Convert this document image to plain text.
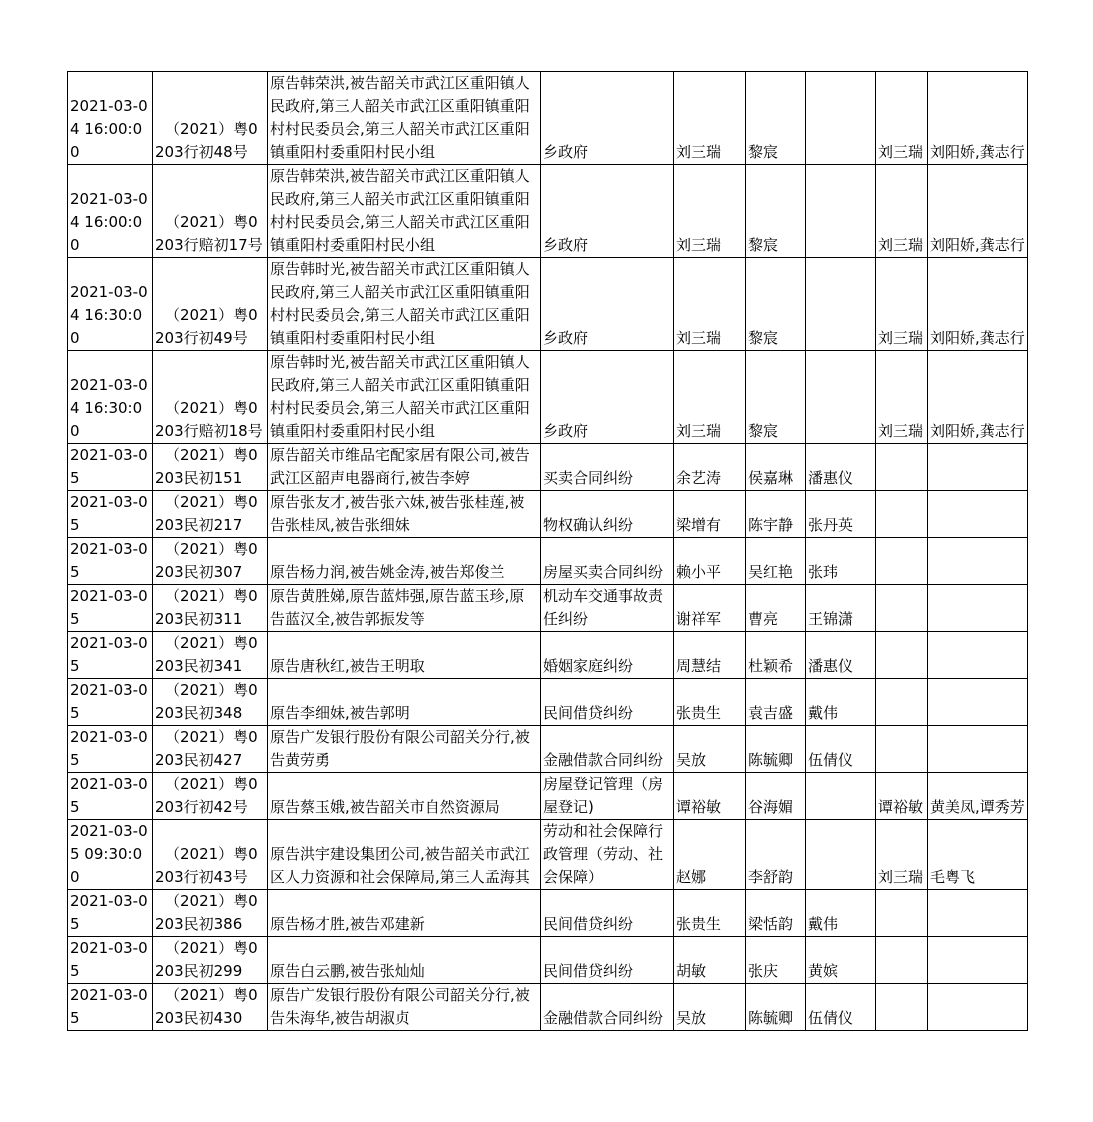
2021-03-04 16:00:00	（2021）粤0203行初48号	原告韩荣洪,被告韶关市武江区重阳镇人民政府,第三人韶关市武江区重阳镇重阳村村民委员会,第三人韶关市武江区重阳镇重阳村委重阳村民小组	乡政府	刘三瑞	黎宸		刘三瑞	刘阳娇,龚志行
2021-03-04 16:00:00	（2021）粤0203行赔初17号	原告韩荣洪,被告韶关市武江区重阳镇人民政府,第三人韶关市武江区重阳镇重阳村村民委员会,第三人韶关市武江区重阳镇重阳村委重阳村民小组	乡政府	刘三瑞	黎宸		刘三瑞	刘阳娇,龚志行
2021-03-04 16:30:00	（2021）粤0203行初49号	原告韩时光,被告韶关市武江区重阳镇人民政府,第三人韶关市武江区重阳镇重阳村村民委员会,第三人韶关市武江区重阳镇重阳村委重阳村民小组	乡政府	刘三瑞	黎宸		刘三瑞	刘阳娇,龚志行
2021-03-04 16:30:00	（2021）粤0203行赔初18号	原告韩时光,被告韶关市武江区重阳镇人民政府,第三人韶关市武江区重阳镇重阳村村民委员会,第三人韶关市武江区重阳镇重阳村委重阳村民小组	乡政府	刘三瑞	黎宸		刘三瑞	刘阳娇,龚志行
2021-03-05	（2021）粤0203民初151	原告韶关市维品宅配家居有限公司,被告武江区韶声电器商行,被告李婷	买卖合同纠纷	余艺涛	侯嘉琳	潘惠仪		
2021-03-05	（2021）粤0203民初217	原告张友才,被告张六妹,被告张桂莲,被告张桂凤,被告张细妹	物权确认纠纷	梁增有	陈宇静	张丹英		
2021-03-05	（2021）粤0203民初307	原告杨力润,被告姚金涛,被告郑俊兰	房屋买卖合同纠纷	赖小平	吴红艳	张玮		
2021-03-05	（2021）粤0203民初311	原告黄胜娣,原告蓝炜强,原告蓝玉珍,原告蓝汉全,被告郭振发等	机动车交通事故责任纠纷	谢祥军	曹亮	王锦潇		
2021-03-05	（2021）粤0203民初341	原告唐秋红,被告王明取	婚姻家庭纠纷	周慧结	杜颖希	潘惠仪		
2021-03-05	（2021）粤0203民初348	原告李细妹,被告郭明	民间借贷纠纷	张贵生	袁吉盛	戴伟		
2021-03-05	（2021）粤0203民初427	原告广发银行股份有限公司韶关分行,被告黄劳勇	金融借款合同纠纷	吴放	陈毓卿	伍倩仪		
2021-03-05	（2021）粤0203行初42号	原告蔡玉娥,被告韶关市自然资源局	房屋登记管理（房屋登记)	谭裕敏	谷海媚		谭裕敏	黄美凤,谭秀芳
2021-03-05 09:30:00	（2021）粤0203行初43号	原告洪宇建设集团公司,被告韶关市武江区人力资源和社会保障局,第三人孟海其	劳动和社会保障行政管理（劳动、社会保障）	赵娜	李舒韵		刘三瑞	毛粤飞
2021-03-05	（2021）粤0203民初386	原告杨才胜,被告邓建新	民间借贷纠纷	张贵生	梁恬韵	戴伟		
2021-03-05	（2021）粤0203民初299	原告白云鹏,被告张灿灿	民间借贷纠纷	胡敏	张庆	黄嫔		
2021-03-05	（2021）粤0203民初430	原告广发银行股份有限公司韶关分行,被告朱海华,被告胡淑贞	金融借款合同纠纷	吴放	陈毓卿	伍倩仪		
